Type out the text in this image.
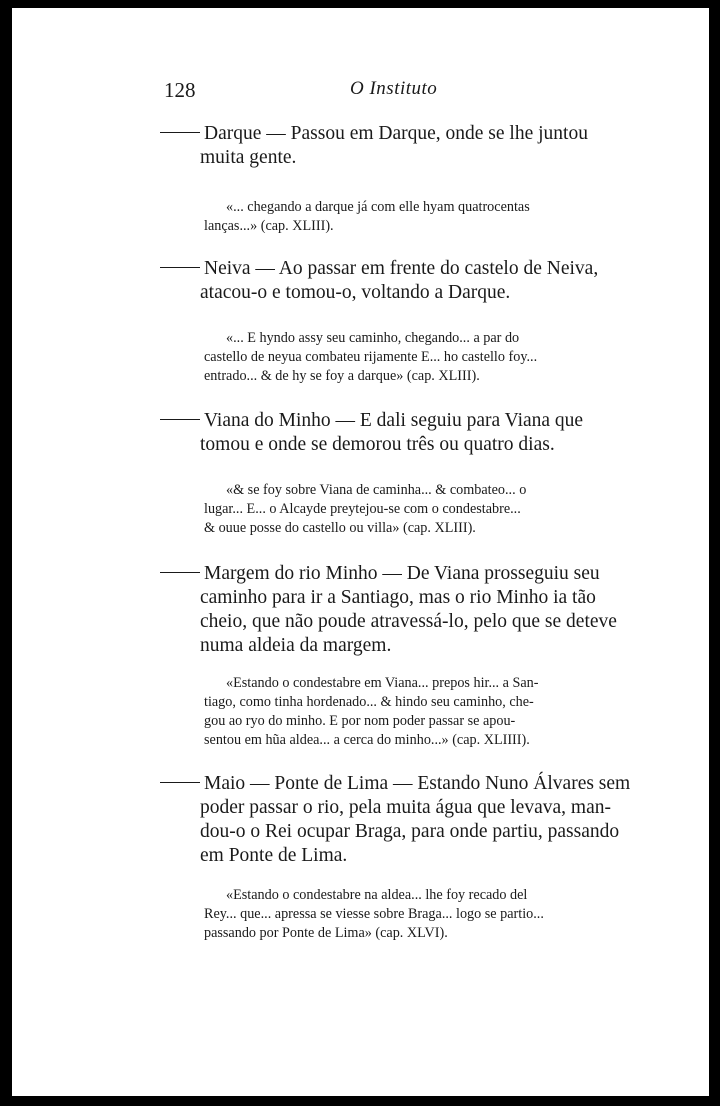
128	O Instituto

Darque — Passou em Darque, onde se lhe juntou
muita gente.

«... chegando a darque já com elle hyam quatrocentas
lanças...» (cap. XLIII).

Neiva — Ao passar em frente do castelo de Neiva,
atacou-o e tomou-o, voltando a Darque.

«... E hyndo assy seu caminho, chegando... a par do
castello de neyua combateu rijamente E... ho castello foy...
entrado... & de hy se foy a darque» (cap. XLIII).

Viana do Minho — E dali seguiu para Viana que
tomou e onde se demorou três ou quatro dias.

«& se foy sobre Viana de caminha... & combateo... o
lugar... E... o Alcayde preytejou-se com o condestabre...
& ouue posse do castello ou villa» (cap. XLIII).

Margem do rio Minho — De Viana prosseguiu seu
caminho para ir a Santiago, mas o rio Minho ia tão
cheio, que não poude atravessá-lo, pelo que se deteve
numa aldeia da margem.

«Estando o condestabre em Viana... prepos hir... a San-
tiago, como tinha hordenado... & hindo seu caminho, che-
gou ao ryo do minho. E por nom poder passar se apou-
sentou em hũa aldea... a cerca do minho...» (cap. XLIIII).

Maio — Ponte de Lima — Estando Nuno Álvares sem
poder passar o rio, pela muita água que levava, man-
dou-o o Rei ocupar Braga, para onde partiu, passando
em Ponte de Lima.

«Estando o condestabre na aldea... lhe foy recado del
Rey... que... apressa se viesse sobre Braga... logo se partio...
passando por Ponte de Lima» (cap. XLVI).
